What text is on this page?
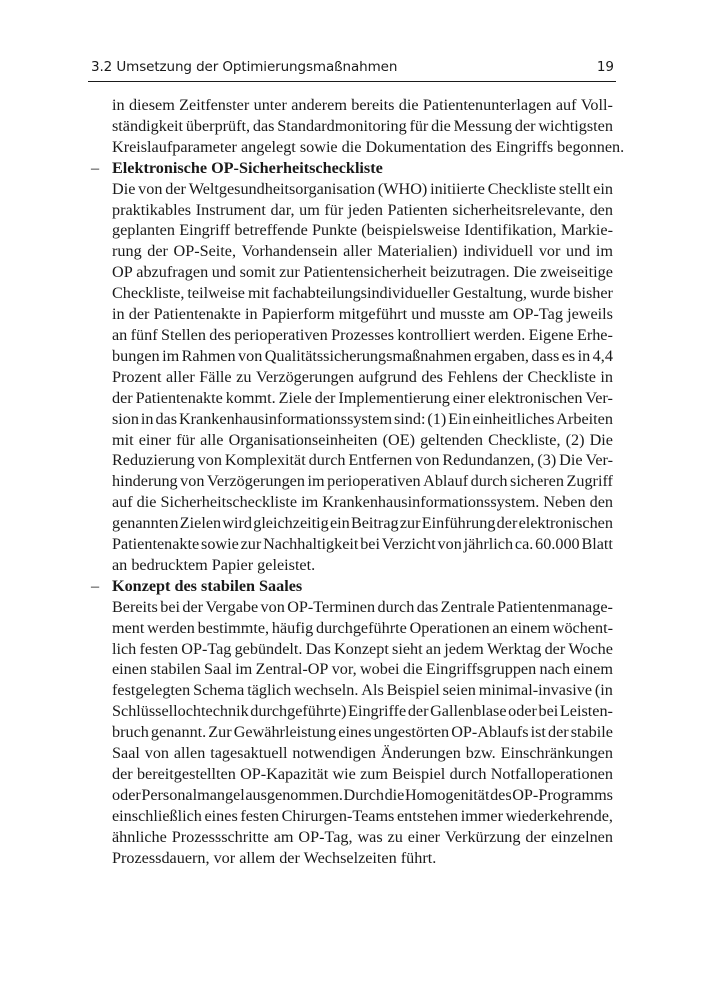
3.2 Umsetzung der Optimierungsmaßnahmen	19
in diesem Zeitfenster unter anderem bereits die Patientenunterlagen auf Voll-
ständigkeit überprüft, das Standardmonitoring für die Messung der wichtigsten
Kreislaufparameter angelegt sowie die Dokumentation des Eingriffs begonnen.
– Elektronische OP-Sicherheitscheckliste
Die von der Weltgesundheitsorganisation (WHO) initiierte Checkliste stellt ein
praktikables Instrument dar, um für jeden Patienten sicherheitsrelevante, den
geplanten Eingriff betreffende Punkte (beispielsweise Identifikation, Markie-
rung der OP-Seite, Vorhandensein aller Materialien) individuell vor und im
OP abzufragen und somit zur Patientensicherheit beizutragen. Die zweiseitige
Checkliste, teilweise mit fachabteilungsindividueller Gestaltung, wurde bisher
in der Patientenakte in Papierform mitgeführt und musste am OP-Tag jeweils
an fünf Stellen des perioperativen Prozesses kontrolliert werden. Eigene Erhe-
bungen im Rahmen von Qualitätssicherungsmaßnahmen ergaben, dass es in 4,4
Prozent aller Fälle zu Verzögerungen aufgrund des Fehlens der Checkliste in
der Patientenakte kommt. Ziele der Implementierung einer elektronischen Ver-
sion in das Krankenhausinformationssystem sind: (1) Ein einheitliches Arbeiten
mit einer für alle Organisationseinheiten (OE) geltenden Checkliste, (2) Die
Reduzierung von Komplexität durch Entfernen von Redundanzen, (3) Die Ver-
hinderung von Verzögerungen im perioperativen Ablauf durch sicheren Zugriff
auf die Sicherheitscheckliste im Krankenhausinformationssystem. Neben den
genannten Zielen wird gleichzeitig ein Beitrag zur Einführung der elektronischen
Patientenakte sowie zur Nachhaltigkeit bei Verzicht von jährlich ca. 60.000 Blatt
an bedrucktem Papier geleistet.
– Konzept des stabilen Saales
Bereits bei der Vergabe von OP-Terminen durch das Zentrale Patientenmanage-
ment werden bestimmte, häufig durchgeführte Operationen an einem wöchent-
lich festen OP-Tag gebündelt. Das Konzept sieht an jedem Werktag der Woche
einen stabilen Saal im Zentral-OP vor, wobei die Eingriffsgruppen nach einem
festgelegten Schema täglich wechseln. Als Beispiel seien minimal-invasive (in
Schlüssellochtechnik durchgeführte) Eingriffe der Gallenblase oder bei Leisten-
bruch genannt. Zur Gewährleistung eines ungestörten OP-Ablaufs ist der stabile
Saal von allen tagesaktuell notwendigen Änderungen bzw. Einschränkungen
der bereitgestellten OP-Kapazität wie zum Beispiel durch Notfalloperationen
oder Personalmangel ausgenommen. Durch die Homogenität des OP-Programms
einschließlich eines festen Chirurgen-Teams entstehen immer wiederkehrende,
ähnliche Prozessschritte am OP-Tag, was zu einer Verkürzung der einzelnen
Prozessdauern, vor allem der Wechselzeiten führt.
